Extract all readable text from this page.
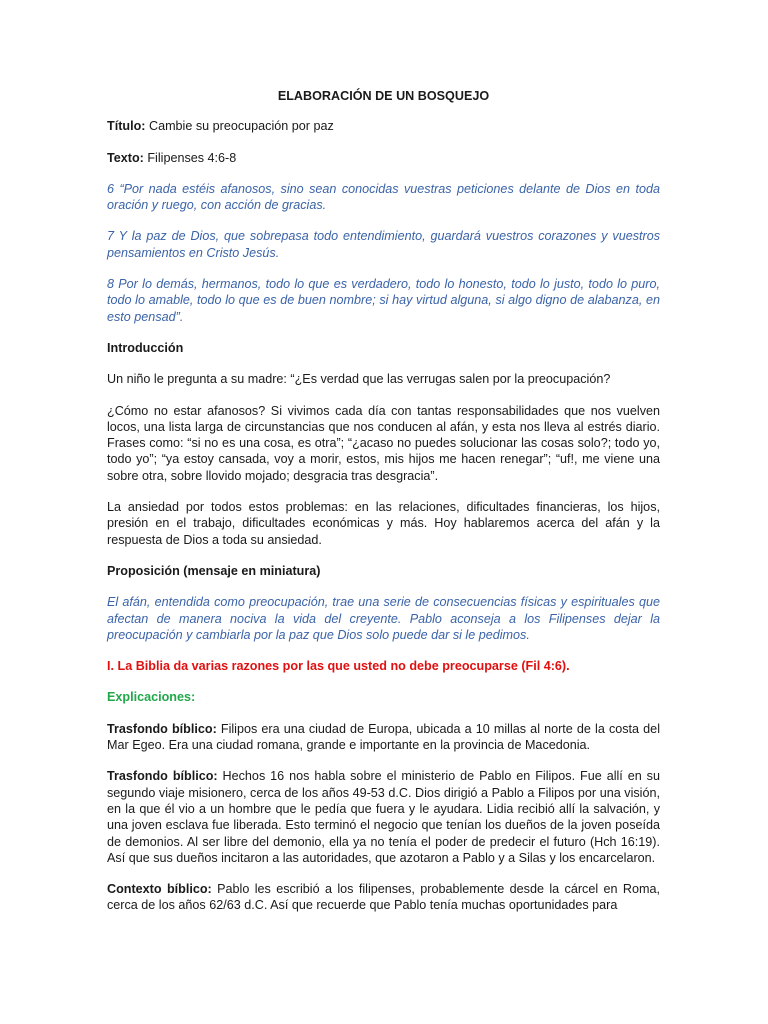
ELABORACIÓN DE UN BOSQUEJO

Título: Cambie su preocupación por paz

Texto: Filipenses 4:6-8

6 “Por nada estéis afanosos, sino sean conocidas vuestras peticiones delante de Dios en toda oración y ruego, con acción de gracias.

7 Y la paz de Dios, que sobrepasa todo entendimiento, guardará vuestros corazones y vuestros pensamientos en Cristo Jesús.

8 Por lo demás, hermanos, todo lo que es verdadero, todo lo honesto, todo lo justo, todo lo puro, todo lo amable, todo lo que es de buen nombre; si hay virtud alguna, si algo digno de alabanza, en esto pensad”.

Introducción

Un niño le pregunta a su madre: “¿Es verdad que las verrugas salen por la preocupación?

¿Cómo no estar afanosos? Si vivimos cada día con tantas responsabilidades que nos vuelven locos, una lista larga de circunstancias que nos conducen al afán, y esta nos lleva al estrés diario. Frases como: “si no es una cosa, es otra”; “¿acaso no puedes solucionar las cosas solo?; todo yo, todo yo”; “ya estoy cansada, voy a morir, estos, mis hijos me hacen renegar”; “uf!, me viene una sobre otra, sobre llovido mojado; desgracia tras desgracia”.

La ansiedad por todos estos problemas: en las relaciones, dificultades financieras, los hijos, presión en el trabajo, dificultades económicas y más. Hoy hablaremos acerca del afán y la respuesta de Dios a toda su ansiedad.

Proposición (mensaje en miniatura)

El afán, entendida como preocupación, trae una serie de consecuencias físicas y espirituales que afectan de manera nociva la vida del creyente. Pablo aconseja a los Filipenses dejar la preocupación y cambiarla por la paz que Dios solo puede dar si le pedimos.

I. La Biblia da varias razones por las que usted no debe preocuparse (Fil 4:6).

Explicaciones:

Trasfondo bíblico: Filipos era una ciudad de Europa, ubicada a 10 millas al norte de la costa del Mar Egeo. Era una ciudad romana, grande e importante en la provincia de Macedonia.

Trasfondo bíblico: Hechos 16 nos habla sobre el ministerio de Pablo en Filipos. Fue allí en su segundo viaje misionero, cerca de los años 49-53 d.C. Dios dirigió a Pablo a Filipos por una visión, en la que él vio a un hombre que le pedía que fuera y le ayudara. Lidia recibió allí la salvación, y una joven esclava fue liberada. Esto terminó el negocio que tenían los dueños de la joven poseída de demonios. Al ser libre del demonio, ella ya no tenía el poder de predecir el futuro (Hch 16:19). Así que sus dueños incitaron a las autoridades, que azotaron a Pablo y a Silas y los encarcelaron.

Contexto bíblico: Pablo les escribió a los filipenses, probablemente desde la cárcel en Roma, cerca de los años 62/63 d.C. Así que recuerde que Pablo tenía muchas oportunidades para
